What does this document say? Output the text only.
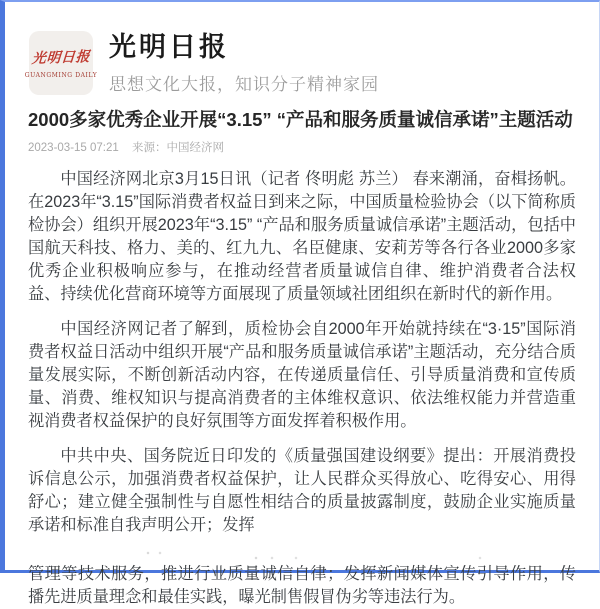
光明日报
GUANGMING DAILY
光明日报
思想文化大报，知识分子精神家园
2000多家优秀企业开展“3.15” “产品和服务质量诚信承诺”主题活动
2023-03-15 07:21 来源：中国经济网

中国经济网北京3月15日讯（记者 佟明彪 苏兰） 春来潮涌，奋楫扬帆。在2023年“3.15”国际消费者权益日到来之际，中国质量检验协会（以下简称质检协会）组织开展2023年“3.15” “产品和服务质量诚信承诺”主题活动，包括中国航天科技、格力、美的、红九九、名臣健康、安莉芳等各行各业2000多家优秀企业积极响应参与，在推动经营者质量诚信自律、维护消费者合法权益、持续优化营商环境等方面展现了质量领域社团组织在新时代的新作用。

中国经济网记者了解到，质检协会自2000年开始就持续在“3·15”国际消费者权益日活动中组织开展“产品和服务质量诚信承诺”主题活动，充分结合质量发展实际，不断创新活动内容，在传递质量信任、引导质量消费和宣传质量、消费、维权知识与提高消费者的主体维权意识、依法维权能力并营造重视消费者权益保护的良好氛围等方面发挥着积极作用。

中共中央、国务院近日印发的《质量强国建设纲要》提出：开展消费投诉信息公示，加强消费者权益保护，让人民群众买得放心、吃得安心、用得舒心；建立健全强制性与自愿性相结合的质量披露制度，鼓励企业实施质量承诺和标准自我声明公开；发挥

管理等技术服务，推进行业质量诚信自律；发挥新闻媒体宣传引导作用，传播先进质量理念和最佳实践，曝光制售假冒伪劣等违法行为。
